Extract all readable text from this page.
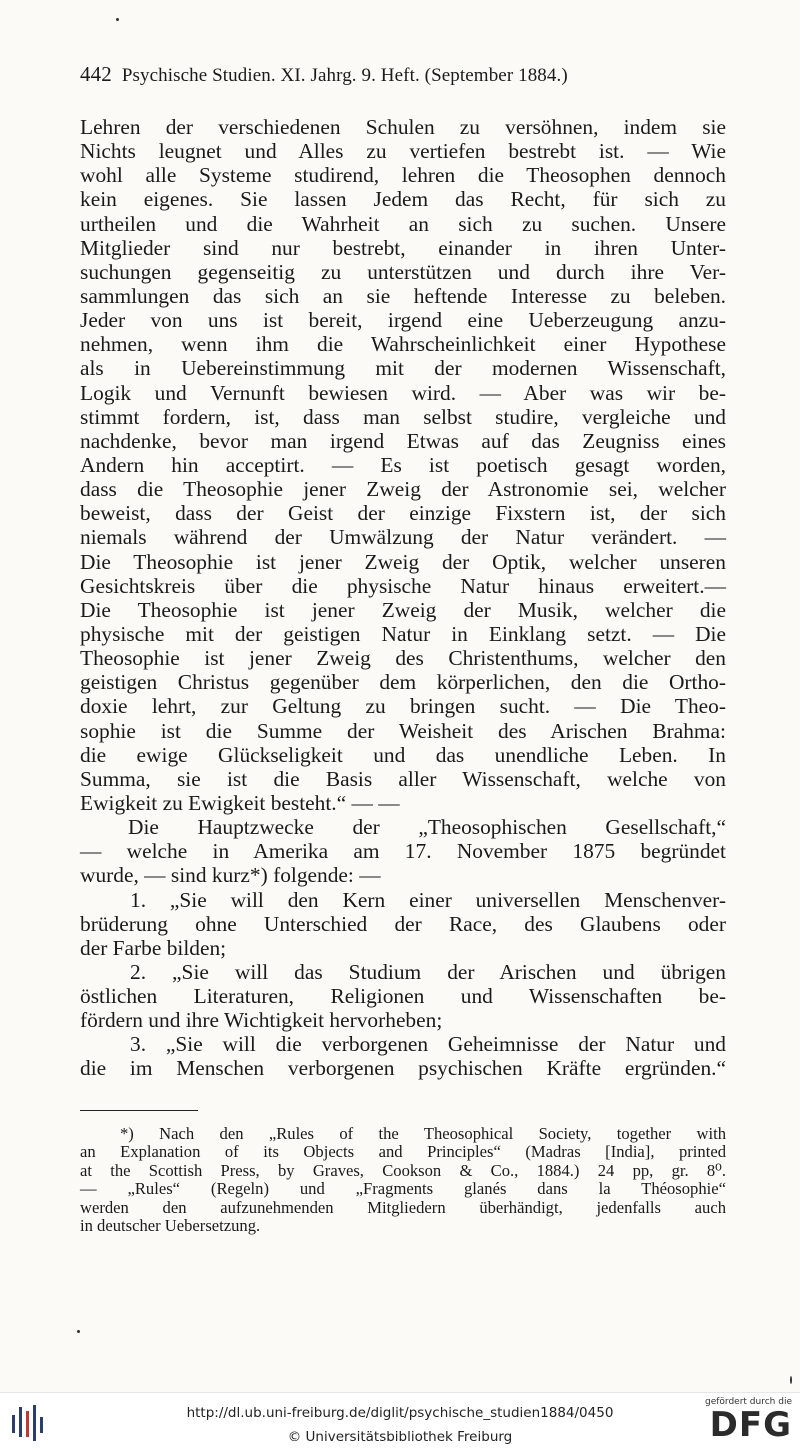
442 Psychische Studien. XI. Jahrg. 9. Heft. (September 1884.)
Lehren der verschiedenen Schulen zu versöhnen, indem sie
Nichts leugnet und Alles zu vertiefen bestrebt ist. — Wie
wohl alle Systeme studirend, lehren die Theosophen dennoch
kein eigenes. Sie lassen Jedem das Recht, für sich zu
urtheilen und die Wahrheit an sich zu suchen. Unsere
Mitglieder sind nur bestrebt, einander in ihren Unter-
suchungen gegenseitig zu unterstützen und durch ihre Ver-
sammlungen das sich an sie heftende Interesse zu beleben.
Jeder von uns ist bereit, irgend eine Ueberzeugung anzu-
nehmen, wenn ihm die Wahrscheinlichkeit einer Hypothese
als in Uebereinstimmung mit der modernen Wissenschaft,
Logik und Vernunft bewiesen wird. — Aber was wir be-
stimmt fordern, ist, dass man selbst studire, vergleiche und
nachdenke, bevor man irgend Etwas auf das Zeugniss eines
Andern hin acceptirt. — Es ist poetisch gesagt worden,
dass die Theosophie jener Zweig der Astronomie sei, welcher
beweist, dass der Geist der einzige Fixstern ist, der sich
niemals während der Umwälzung der Natur verändert. —
Die Theosophie ist jener Zweig der Optik, welcher unseren
Gesichtskreis über die physische Natur hinaus erweitert.—
Die Theosophie ist jener Zweig der Musik, welcher die
physische mit der geistigen Natur in Einklang setzt. — Die
Theosophie ist jener Zweig des Christenthums, welcher den
geistigen Christus gegenüber dem körperlichen, den die Ortho-
doxie lehrt, zur Geltung zu bringen sucht. — Die Theo-
sophie ist die Summe der Weisheit des Arischen Brahma:
die ewige Glückseligkeit und das unendliche Leben. In
Summa, sie ist die Basis aller Wissenschaft, welche von
Ewigkeit zu Ewigkeit besteht.“ — —
Die Hauptzwecke der „Theosophischen Gesellschaft,“
— welche in Amerika am 17. November 1875 begründet
wurde, — sind kurz*) folgende: —
1. „Sie will den Kern einer universellen Menschenver-
brüderung ohne Unterschied der Race, des Glaubens oder
der Farbe bilden;
2. „Sie will das Studium der Arischen und übrigen
östlichen Literaturen, Religionen und Wissenschaften be-
fördern und ihre Wichtigkeit hervorheben;
3. „Sie will die verborgenen Geheimnisse der Natur und
die im Menschen verborgenen psychischen Kräfte ergründen.“
*) Nach den „Rules of the Theosophical Society, together with
an Explanation of its Objects and Principles“ (Madras [India], printed
at the Scottish Press, by Graves, Cookson & Co., 1884.) 24 pp, gr. 8⁰.
— „Rules“ (Regeln) und „Fragments glanés dans la Théosophie“
werden den aufzunehmenden Mitgliedern überhändigt, jedenfalls auch
in deutscher Uebersetzung.
http://dl.ub.uni-freiburg.de/diglit/psychische_studien1884/0450
© Universitätsbibliothek Freiburg
gefördert durch die
DFG
